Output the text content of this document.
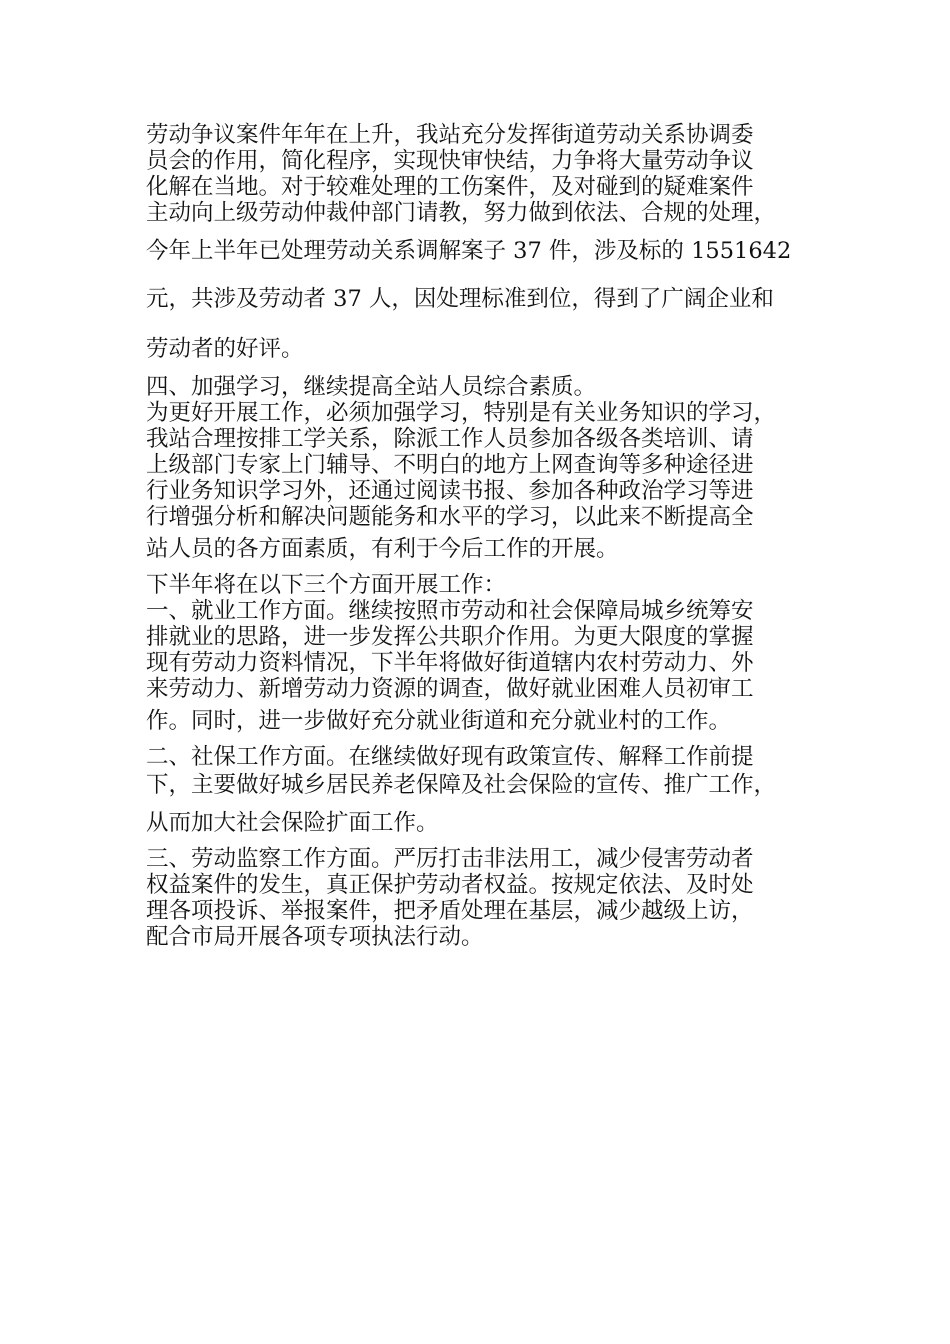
劳动争议案件年年在上升，我站充分发挥街道劳动关系协调委
员会的作用，简化程序，实现快审快结，力争将大量劳动争议
化解在当地。对于较难处理的工伤案件，及对碰到的疑难案件
主动向上级劳动仲裁仲部门请教，努力做到依法、合规的处理，
今年上半年已处理劳动关系调解案子 37 件，涉及标的 1551642
元，共涉及劳动者 37 人，因处理标准到位，得到了广阔企业和
劳动者的好评。
四、加强学习，继续提高全站人员综合素质。
为更好开展工作，必须加强学习，特别是有关业务知识的学习，
我站合理按排工学关系，除派工作人员参加各级各类培训、请
上级部门专家上门辅导、不明白的地方上网查询等多种途径进
行业务知识学习外，还通过阅读书报、参加各种政治学习等进
行增强分析和解决问题能务和水平的学习，以此来不断提高全
站人员的各方面素质，有利于今后工作的开展。
下半年将在以下三个方面开展工作：
一、就业工作方面。继续按照市劳动和社会保障局城乡统筹安
排就业的思路，进一步发挥公共职介作用。为更大限度的掌握
现有劳动力资料情况，下半年将做好街道辖内农村劳动力、外
来劳动力、新增劳动力资源的调查，做好就业困难人员初审工
作。同时，进一步做好充分就业街道和充分就业村的工作。
二、社保工作方面。在继续做好现有政策宣传、解释工作前提
下，主要做好城乡居民养老保障及社会保险的宣传、推广工作，
从而加大社会保险扩面工作。
三、劳动监察工作方面。严厉打击非法用工，减少侵害劳动者
权益案件的发生，真正保护劳动者权益。按规定依法、及时处
理各项投诉、举报案件，把矛盾处理在基层，减少越级上访，
配合市局开展各项专项执法行动。
